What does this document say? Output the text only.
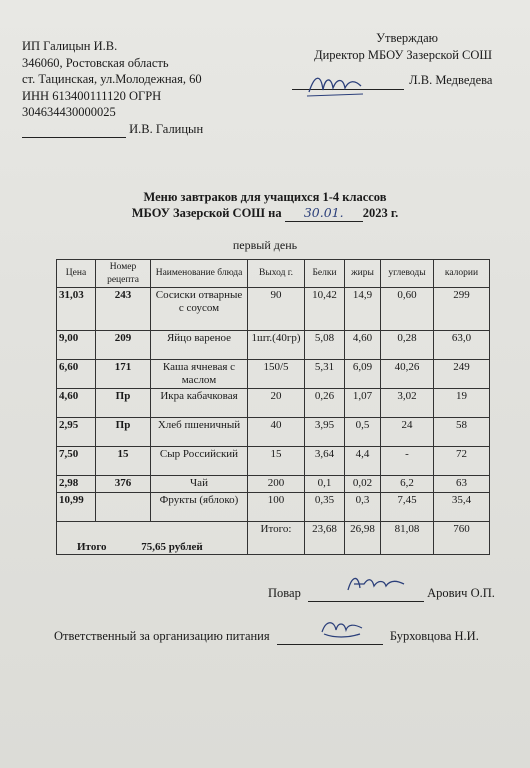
ИП Галицын И.В.
346060, Ростовская область
ст. Тацинская, ул.Молодежная, 60
ИНН 613400111120 ОГРН
304634430000025
И.В. Галицын
Утверждаю
Директор МБОУ Зазерской СОШ
Л.В. Медведева
Меню завтраков для учащихся 1-4 классов
МБОУ Зазерской СОШ на 30.01. 2023 г.
первый день
Цена	Номер рецепта	Наименование блюда	Выход г.	Белки	жиры	углеводы	калории
31,03	243	Сосиски отварные с соусом	90	10,42	14,9	0,60	299
9,00	209	Яйцо вареное	1шт.(40гр)	5,08	4,60	0,28	63,0
6,60	171	Каша ячневая с маслом	150/5	5,31	6,09	40,26	249
4,60	Пр	Икра кабачковая	20	0,26	1,07	3,02	19
2,95	Пр	Хлеб пшеничный	40	3,95	0,5	24	58
7,50	15	Сыр Российский	15	3,64	4,4	-	72
2,98	376	Чай	200	0,1	0,02	6,2	63
10,99		Фрукты (яблоко)	100	0,35	0,3	7,45	35,4
Итого 75,65 рублей			Итого:	23,68	26,98	81,08	760
Повар	Арович О.П.
Ответственный за организацию питания	Бурховцова Н.И.
